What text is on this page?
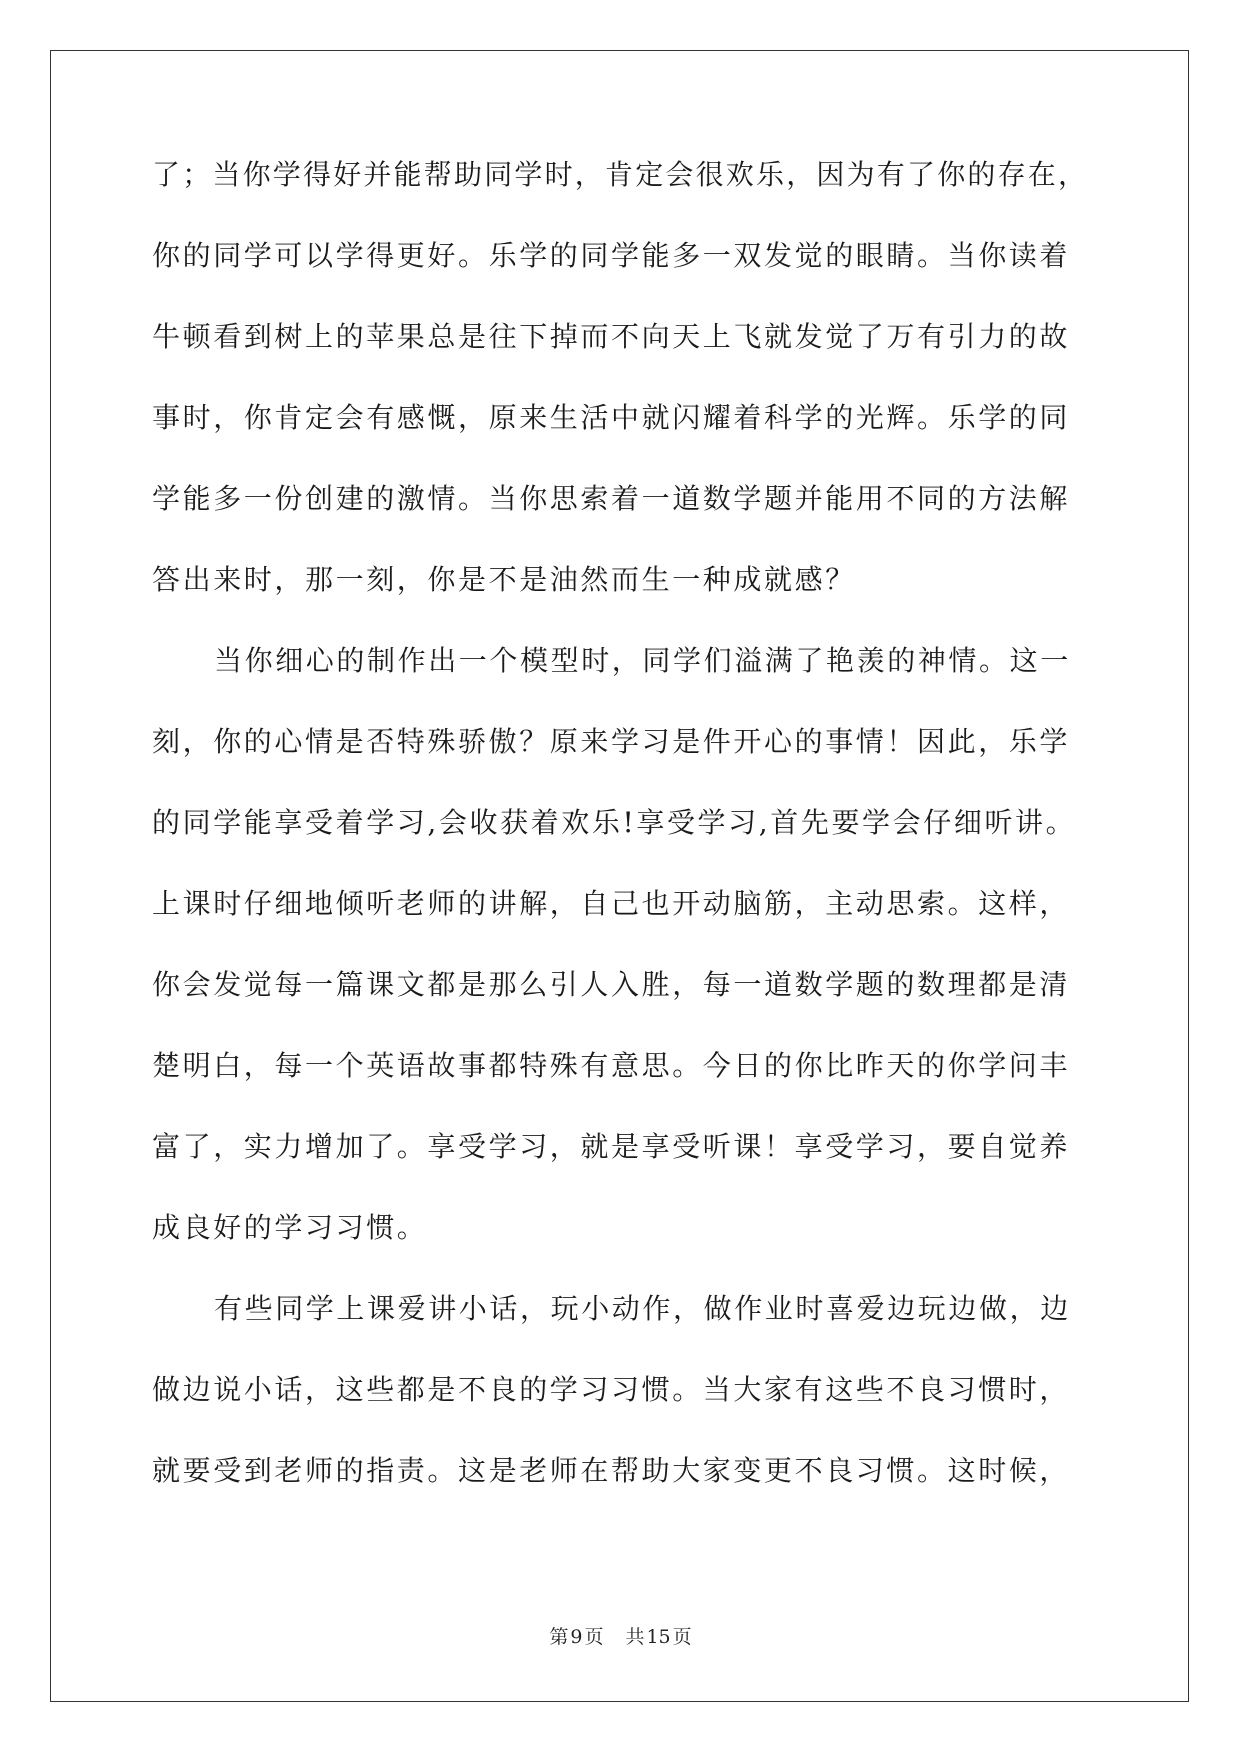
了；当你学得好并能帮助同学时，肯定会很欢乐，因为有了你的存在，
你的同学可以学得更好。乐学的同学能多一双发觉的眼睛。当你读着
牛顿看到树上的苹果总是往下掉而不向天上飞就发觉了万有引力的故
事时，你肯定会有感慨，原来生活中就闪耀着科学的光辉。乐学的同
学能多一份创建的激情。当你思索着一道数学题并能用不同的方法解
答出来时，那一刻，你是不是油然而生一种成就感？
当你细心的制作出一个模型时，同学们溢满了艳羡的神情。这一
刻，你的心情是否特殊骄傲？原来学习是件开心的事情！因此，乐学
的同学能享受着学习,会收获着欢乐!享受学习,首先要学会仔细听讲。
上课时仔细地倾听老师的讲解，自己也开动脑筋，主动思索。这样，
你会发觉每一篇课文都是那么引人入胜，每一道数学题的数理都是清
楚明白，每一个英语故事都特殊有意思。今日的你比昨天的你学问丰
富了，实力增加了。享受学习，就是享受听课！享受学习，要自觉养
成良好的学习习惯。
有些同学上课爱讲小话，玩小动作，做作业时喜爱边玩边做，边
做边说小话，这些都是不良的学习习惯。当大家有这些不良习惯时，
就要受到老师的指责。这是老师在帮助大家变更不良习惯。这时候，
第 9 页 共 15 页
